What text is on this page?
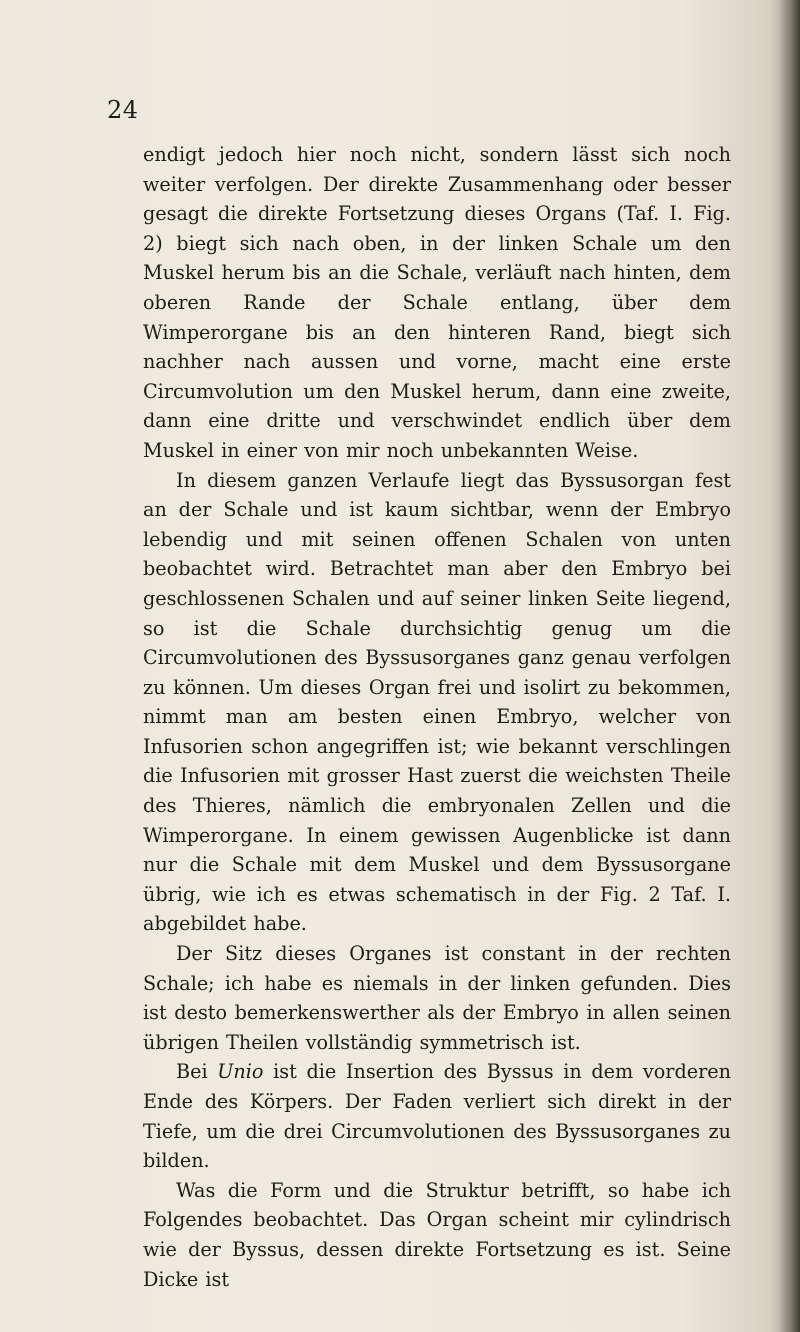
24

endigt jedoch hier noch nicht, sondern lässt sich noch weiter verfolgen. Der direkte Zusammenhang oder besser gesagt die direkte Fortsetzung dieses Organs (Taf. I. Fig. 2) biegt sich nach oben, in der linken Schale um den Muskel herum bis an die Schale, verläuft nach hinten, dem oberen Rande der Schale entlang, über dem Wimperorgane bis an den hinteren Rand, biegt sich nachher nach aussen und vorne, macht eine erste Circumvolution um den Muskel herum, dann eine zweite, dann eine dritte und verschwindet endlich über dem Muskel in einer von mir noch unbekannten Weise.

In diesem ganzen Verlaufe liegt das Byssusorgan fest an der Schale und ist kaum sichtbar, wenn der Embryo lebendig und mit seinen offenen Schalen von unten beobachtet wird. Betrachtet man aber den Embryo bei geschlossenen Schalen und auf seiner linken Seite liegend, so ist die Schale durchsichtig genug um die Circumvolutionen des Byssusorganes ganz genau verfolgen zu können. Um dieses Organ frei und isolirt zu bekommen, nimmt man am besten einen Embryo, welcher von Infusorien schon angegriffen ist; wie bekannt verschlingen die Infusorien mit grosser Hast zuerst die weichsten Theile des Thieres, nämlich die embryonalen Zellen und die Wimperorgane. In einem gewissen Augenblicke ist dann nur die Schale mit dem Muskel und dem Byssusorgane übrig, wie ich es etwas schematisch in der Fig. 2 Taf. I. abgebildet habe.

Der Sitz dieses Organes ist constant in der rechten Schale; ich habe es niemals in der linken gefunden. Dies ist desto bemerkenswerther als der Embryo in allen seinen übrigen Theilen vollständig symmetrisch ist.

Bei Unio ist die Insertion des Byssus in dem vorderen Ende des Körpers. Der Faden verliert sich direkt in der Tiefe, um die drei Circumvolutionen des Byssusorganes zu bilden.

Was die Form und die Struktur betrifft, so habe ich Folgendes beobachtet. Das Organ scheint mir cylindrisch wie der Byssus, dessen direkte Fortsetzung es ist. Seine Dicke ist
